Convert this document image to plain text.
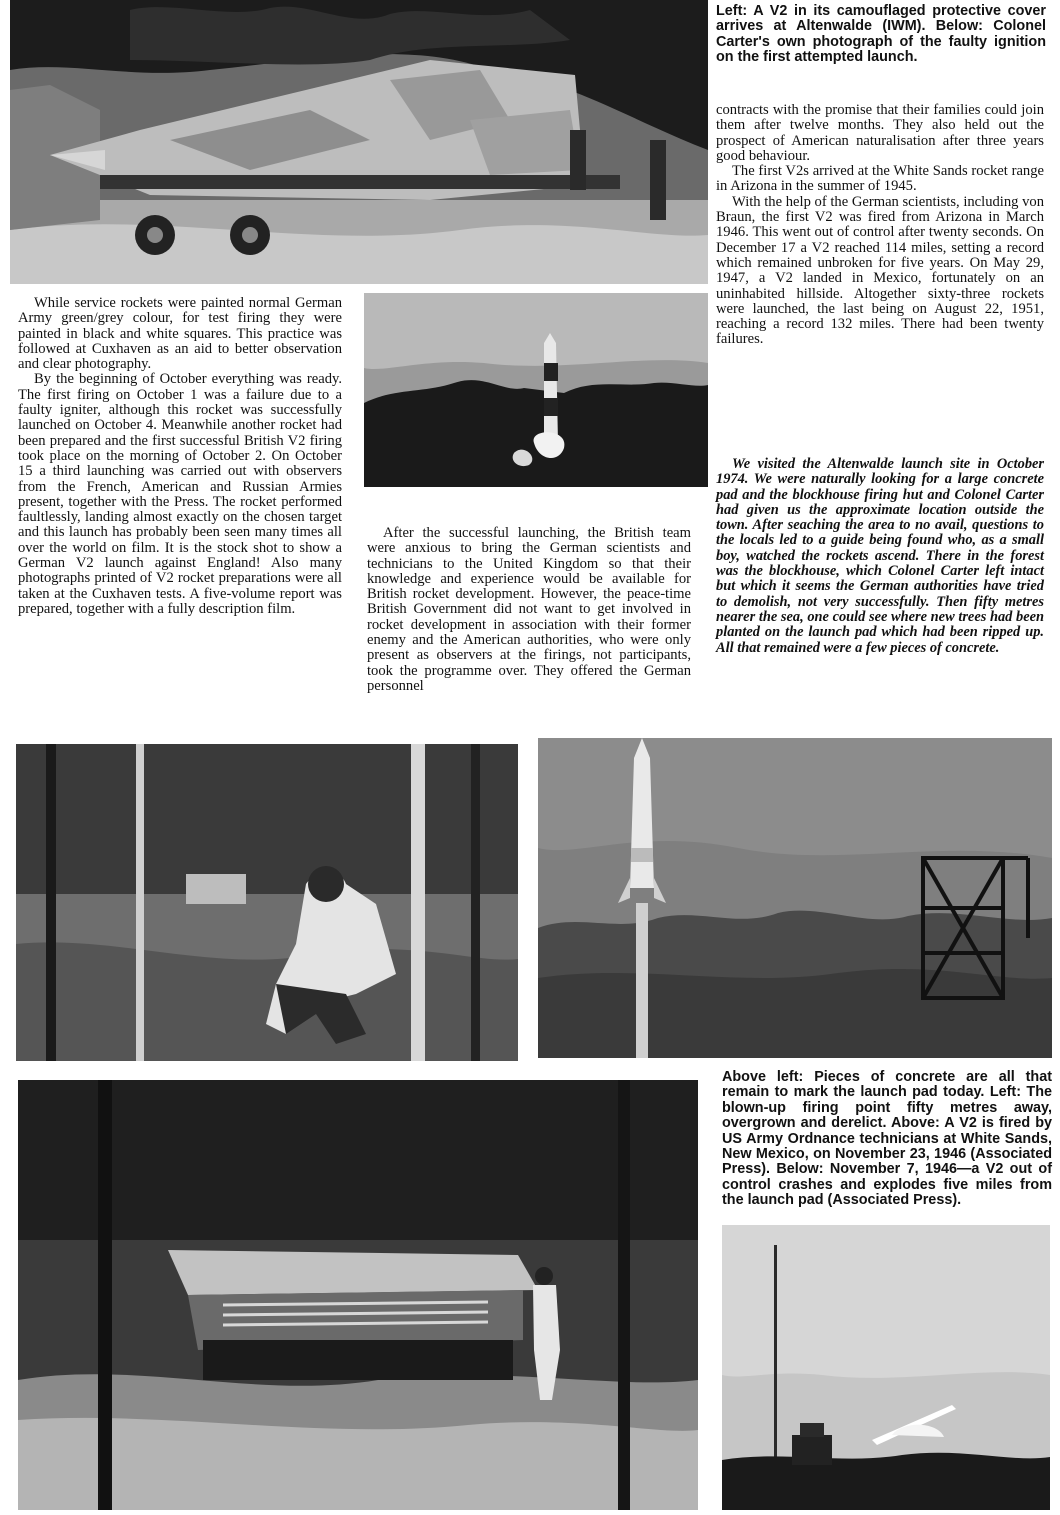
Left: A V2 in its camouflaged protective cover arrives at Altenwalde (IWM). Below: Colonel Carter's own photograph of the faulty ignition on the first attempted launch.

While service rockets were painted normal German Army green/grey colour, for test firing they were painted in black and white squares. This practice was followed at Cuxhaven as an aid to better observation and clear photography.

By the beginning of October everything was ready. The first firing on October 1 was a failure due to a faulty igniter, although this rocket was successfully launched on October 4. Meanwhile another rocket had been prepared and the first successful British V2 firing took place on the morning of October 2. On October 15 a third launching was carried out with observers from the French, American and Russian Armies present, together with the Press. The rocket performed faultlessly, landing almost exactly on the chosen target and this launch has probably been seen many times all over the world on film. It is the stock shot to show a German V2 launch against England! Also many photographs printed of V2 rocket preparations were all taken at the Cuxhaven tests. A five-volume report was prepared, together with a fully description film.

After the successful launching, the British team were anxious to bring the German scientists and technicians to the United Kingdom so that their knowledge and experience would be available for British rocket development. However, the peace-time British Government did not want to get involved in rocket development in association with their former enemy and the American authorities, who were only present as observers at the firings, not participants, took the programme over. They offered the German personnel

contracts with the promise that their families could join them after twelve months. They also held out the prospect of American naturalisation after three years good behaviour.

The first V2s arrived at the White Sands rocket range in Arizona in the summer of 1945.

With the help of the German scientists, including von Braun, the first V2 was fired from Arizona in March 1946. This went out of control after twenty seconds. On December 17 a V2 reached 114 miles, setting a record which remained unbroken for five years. On May 29, 1947, a V2 landed in Mexico, fortunately on an uninhabited hillside. Altogether sixty-three rockets were launched, the last being on August 22, 1951, reaching a record 132 miles. There had been twenty failures.

We visited the Altenwalde launch site in October 1974. We were naturally looking for a large concrete pad and the blockhouse firing hut and Colonel Carter had given us the approximate location outside the town. After seaching the area to no avail, questions to the locals led to a guide being found who, as a small boy, watched the rockets ascend. There in the forest was the blockhouse, which Colonel Carter left intact but which it seems the German authorities have tried to demolish, not very successfully. Then fifty metres nearer the sea, one could see where new trees had been planted on the launch pad which had been ripped up. All that remained were a few pieces of concrete.
Above left: Pieces of concrete are all that remain to mark the launch pad today. Left: The blown-up firing point fifty metres away, overgrown and derelict. Above: A V2 is fired by US Army Ordnance technicians at White Sands, New Mexico, on November 23, 1946 (Associated Press). Below: November 7, 1946—a V2 out of control crashes and explodes five miles from the launch pad (Associated Press).
